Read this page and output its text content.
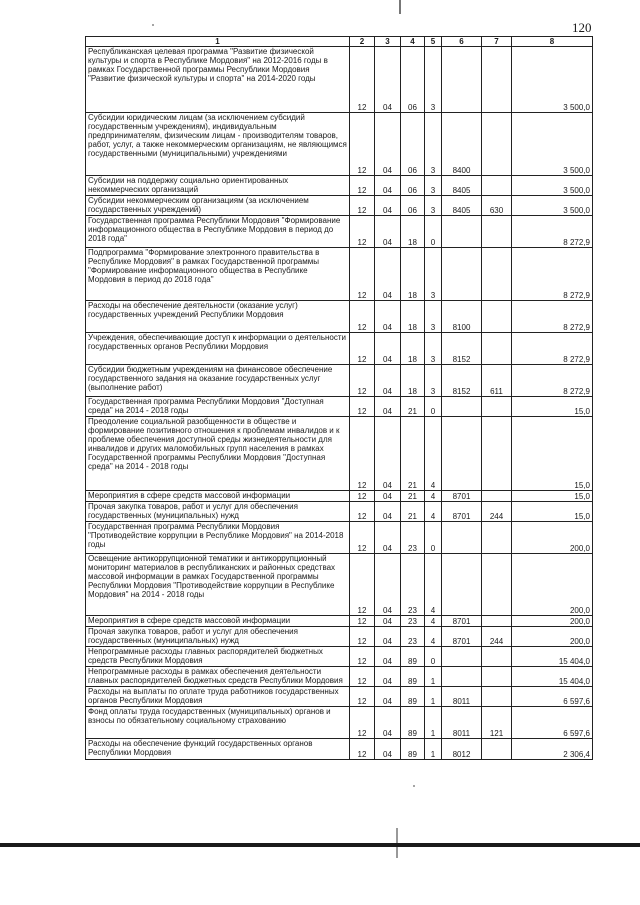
120
1	2	3	4	5	6	7	8
Республиканская целевая программа "Развитие физической культуры и спорта в Республике Мордовия" на 2012-2016 годы в рамках Государственной программы Республики Мордовия "Развитие физической культуры и спорта" на 2014-2020 годы	12	04	06	3			3 500,0
Субсидии юридическим лицам (за исключением субсидий государственным учреждениям), индивидуальным предпринимателям, физическим лицам - производителям товаров, работ, услуг, а также некоммерческим организациям, не являющимся государственными (муниципальными) учреждениями	12	04	06	3	8400		3 500,0
Субсидии на поддержку социально ориентированных некоммерческих организаций	12	04	06	3	8405		3 500,0
Субсидии некоммерческим организациям (за исключением государственных учреждений)	12	04	06	3	8405	630	3 500,0
Государственная программа Республики Мордовия "Формирование информационного общества в Республике Мордовия в период до 2018 года"	12	04	18	0			8 272,9
Подпрограмма "Формирование электронного правительства в Республике Мордовия" в рамках Государственной программы "Формирование информационного общества в Республике Мордовия в период до 2018 года"	12	04	18	3			8 272,9
Расходы на обеспечение деятельности (оказание услуг) государственных учреждений Республики Мордовия	12	04	18	3	8100		8 272,9
Учреждения, обеспечивающие доступ к информации о деятельности государственных органов Республики Мордовия	12	04	18	3	8152		8 272,9
Субсидии бюджетным учреждениям на финансовое обеспечение государственного задания на оказание государственных услуг (выполнение работ)	12	04	18	3	8152	611	8 272,9
Государственная программа Республики Мордовия "Доступная среда" на 2014 - 2018 годы	12	04	21	0			15,0
Преодоление социальной разобщенности в обществе и формирование позитивного отношения к проблемам инвалидов и к проблеме обеспечения доступной среды жизнедеятельности для инвалидов и других маломобильных групп населения в рамках Государственной программы Республики Мордовия "Доступная среда" на 2014 - 2018 годы	12	04	21	4			15,0
Мероприятия в сфере средств массовой информации	12	04	21	4	8701		15,0
Прочая закупка товаров, работ и услуг для обеспечения государственных (муниципальных) нужд	12	04	21	4	8701	244	15,0
Государственная программа Республики Мордовия "Противодействие коррупции в Республике Мордовия" на 2014-2018 годы	12	04	23	0			200,0
Освещение антикоррупционной тематики и антикоррупционный мониторинг материалов в республиканских и районных средствах массовой информации в рамках Государственной программы Республики Мордовия "Противодействие коррупции в Республике Мордовия" на 2014 - 2018 годы	12	04	23	4			200,0
Мероприятия в сфере средств массовой информации	12	04	23	4	8701		200,0
Прочая закупка товаров, работ и услуг для обеспечения государственных (муниципальных) нужд	12	04	23	4	8701	244	200,0
Непрограммные расходы главных распорядителей бюджетных средств Республики Мордовия	12	04	89	0			15 404,0
Непрограммные расходы в рамках обеспечения деятельности главных распорядителей бюджетных средств Республики Мордовия	12	04	89	1			15 404,0
Расходы на выплаты по оплате труда работников государственных органов Республики Мордовия	12	04	89	1	8011		6 597,6
Фонд оплаты труда государственных (муниципальных) органов и взносы по обязательному социальному страхованию	12	04	89	1	8011	121	6 597,6
Расходы на обеспечение функций государственных органов Республики Мордовия	12	04	89	1	8012		2 306,4
